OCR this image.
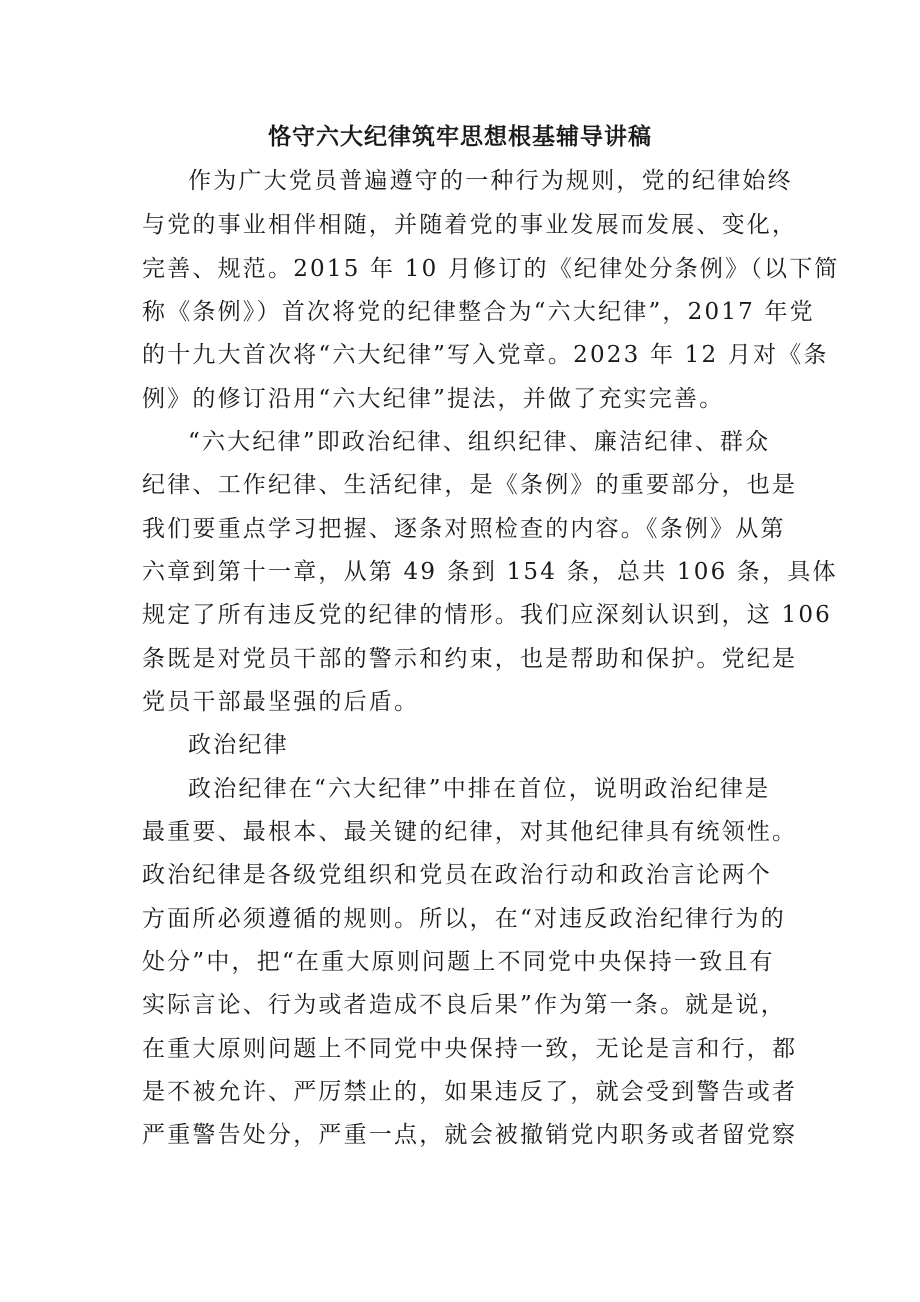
恪守六大纪律筑牢思想根基辅导讲稿

作为广大党员普遍遵守的一种行为规则，党的纪律始终

与党的事业相伴相随，并随着党的事业发展而发展、变化，

完善、规范。2015 年 10 月修订的《纪律处分条例》（以下简

称《条例》）首次将党的纪律整合为“六大纪律”，2017 年党

的十九大首次将“六大纪律”写入党章。2023 年 12 月对《条

例》的修订沿用“六大纪律”提法，并做了充实完善。

“六大纪律”即政治纪律、组织纪律、廉洁纪律、群众

纪律、工作纪律、生活纪律，是《条例》的重要部分，也是

我们要重点学习把握、逐条对照检查的内容。《条例》从第

六章到第十一章，从第 49 条到 154 条，总共 106 条，具体

规定了所有违反党的纪律的情形。我们应深刻认识到，这 106

条既是对党员干部的警示和约束，也是帮助和保护。党纪是

党员干部最坚强的后盾。

政治纪律

政治纪律在“六大纪律”中排在首位，说明政治纪律是

最重要、最根本、最关键的纪律，对其他纪律具有统领性。

政治纪律是各级党组织和党员在政治行动和政治言论两个

方面所必须遵循的规则。所以，在“对违反政治纪律行为的

处分”中，把“在重大原则问题上不同党中央保持一致且有

实际言论、行为或者造成不良后果”作为第一条。就是说，

在重大原则问题上不同党中央保持一致，无论是言和行，都

是不被允许、严厉禁止的，如果违反了，就会受到警告或者

严重警告处分，严重一点，就会被撤销党内职务或者留党察
